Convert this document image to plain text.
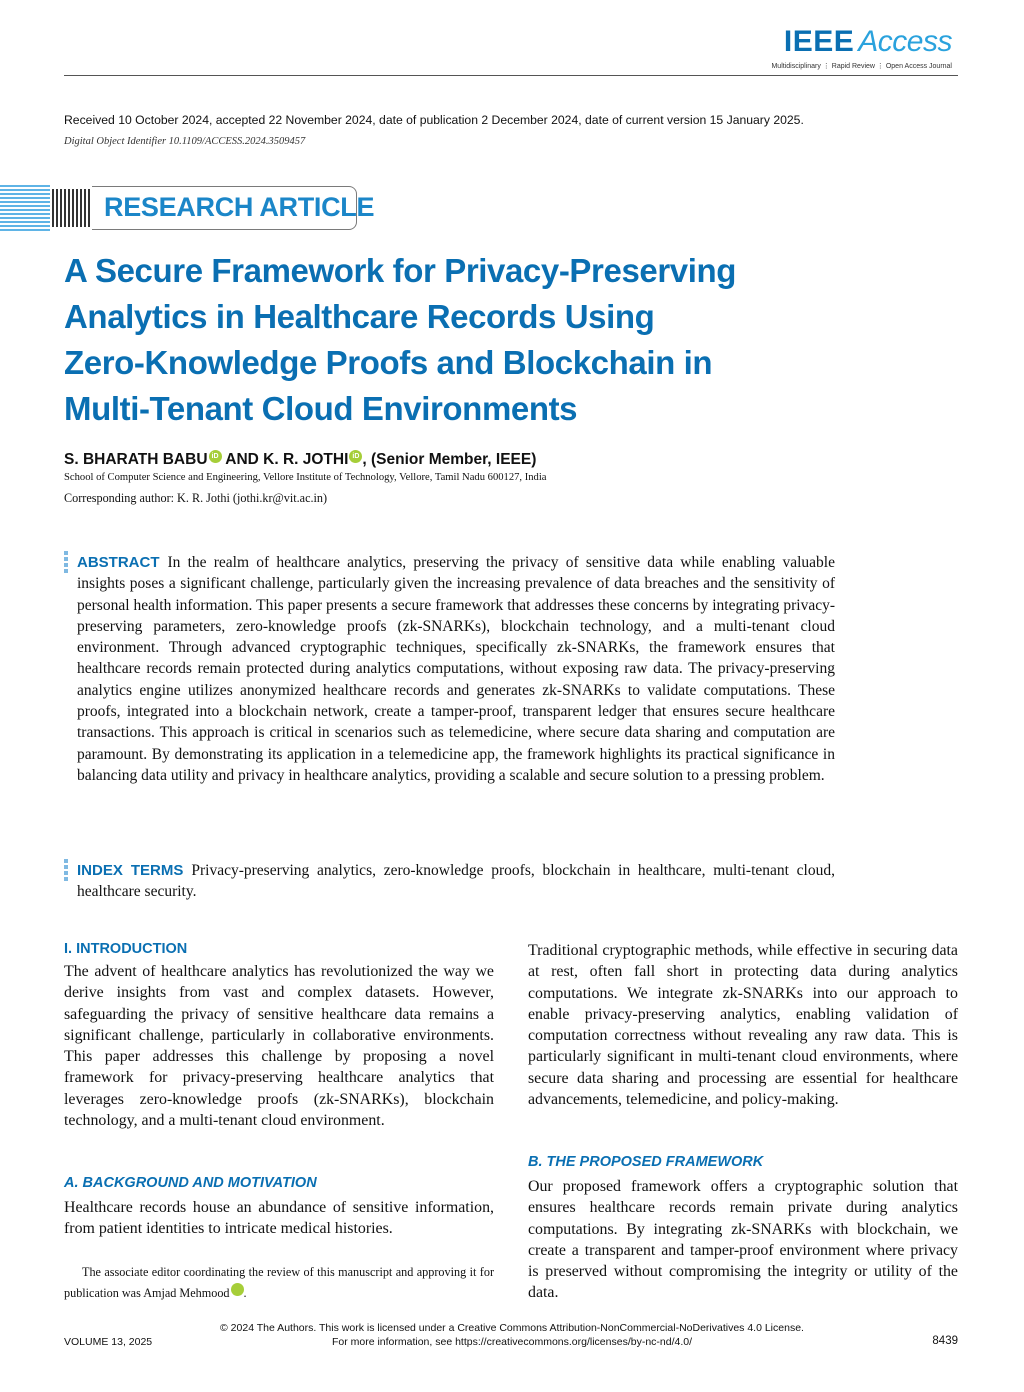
IEEE Access
Multidisciplinary ⋮ Rapid Review ⋮ Open Access Journal
Received 10 October 2024, accepted 22 November 2024, date of publication 2 December 2024, date of current version 15 January 2025.
Digital Object Identifier 10.1109/ACCESS.2024.3509457
RESEARCH ARTICLE
A Secure Framework for Privacy-Preserving
Analytics in Healthcare Records Using
Zero-Knowledge Proofs and Blockchain in
Multi-Tenant Cloud Environments
S. BHARATH BABU iD AND K. R. JOTHI iD , (Senior Member, IEEE)
School of Computer Science and Engineering, Vellore Institute of Technology, Vellore, Tamil Nadu 600127, India
Corresponding author: K. R. Jothi (jothi.kr@vit.ac.in)
ABSTRACT In the realm of healthcare analytics, preserving the privacy of sensitive data while enabling valuable insights poses a significant challenge, particularly given the increasing prevalence of data breaches and the sensitivity of personal health information. This paper presents a secure framework that addresses these concerns by integrating privacy-preserving parameters, zero-knowledge proofs (zk-SNARKs), blockchain technology, and a multi-tenant cloud environment. Through advanced cryptographic techniques, specifically zk-SNARKs, the framework ensures that healthcare records remain protected during analytics computations, without exposing raw data. The privacy-preserving analytics engine utilizes anonymized healthcare records and generates zk-SNARKs to validate computations. These proofs, integrated into a blockchain network, create a tamper-proof, transparent ledger that ensures secure healthcare transactions. This approach is critical in scenarios such as telemedicine, where secure data sharing and computation are paramount. By demonstrating its application in a telemedicine app, the framework highlights its practical significance in balancing data utility and privacy in healthcare analytics, providing a scalable and secure solution to a pressing problem.
INDEX TERMS Privacy-preserving analytics, zero-knowledge proofs, blockchain in healthcare, multi-tenant cloud, healthcare security.
I. INTRODUCTION
The advent of healthcare analytics has revolutionized the way we derive insights from vast and complex datasets. However, safeguarding the privacy of sensitive healthcare data remains a significant challenge, particularly in collaborative environments. This paper addresses this challenge by proposing a novel framework for privacy-preserving healthcare analytics that leverages zero-knowledge proofs (zk-SNARKs), blockchain technology, and a multi-tenant cloud environment.
A. BACKGROUND AND MOTIVATION
Healthcare records house an abundance of sensitive information, from patient identities to intricate medical histories.
The associate editor coordinating the review of this manuscript and approving it for publication was Amjad Mehmood	iD.
Traditional cryptographic methods, while effective in securing data at rest, often fall short in protecting data during analytics computations. We integrate zk-SNARKs into our approach to enable privacy-preserving analytics, enabling validation of computation correctness without revealing any raw data. This is particularly significant in multi-tenant cloud environments, where secure data sharing and processing are essential for healthcare advancements, telemedicine, and policy-making.
B. THE PROPOSED FRAMEWORK
Our proposed framework offers a cryptographic solution that ensures healthcare records remain private during analytics computations. By integrating zk-SNARKs with blockchain, we create a transparent and tamper-proof environment where privacy is preserved without compromising the integrity or utility of the data.
© 2024 The Authors. This work is licensed under a Creative Commons Attribution-NonCommercial-NoDerivatives 4.0 License.
For more information, see https://creativecommons.org/licenses/by-nc-nd/4.0/
VOLUME 13, 2025	8439
